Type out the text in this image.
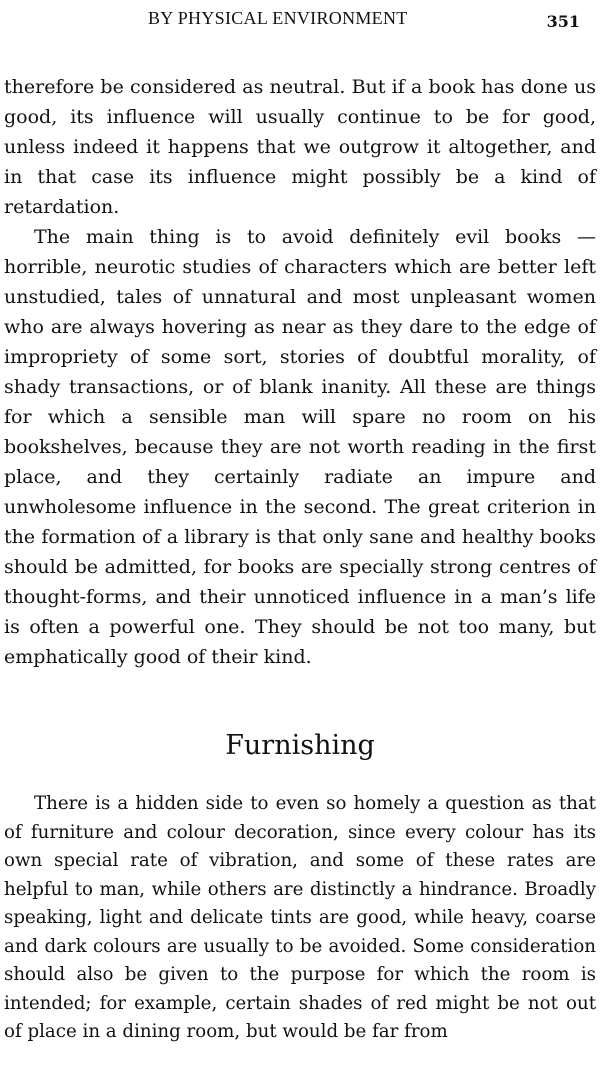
BY PHYSICAL ENVIRONMENT	351

therefore be considered as neutral. But if a book has done us good, its influence will usually continue to be for good, unless indeed it happens that we outgrow it altogether, and in that case its influence might possibly be a kind of retardation.

The main thing is to avoid definitely evil books — horrible, neurotic studies of characters which are better left unstudied, tales of unnatural and most unpleasant women who are always hovering as near as they dare to the edge of impropriety of some sort, stories of doubtful morality, of shady transactions, or of blank inanity. All these are things for which a sensible man will spare no room on his bookshelves, because they are not worth reading in the first place, and they certainly radiate an impure and unwholesome influence in the second. The great criterion in the formation of a library is that only sane and healthy books should be admitted, for books are specially strong centres of thought-forms, and their unnoticed influence in a man’s life is often a powerful one. They should be not too many, but emphatically good of their kind.

Furnishing

There is a hidden side to even so homely a question as that of furniture and colour decoration, since every colour has its own special rate of vibration, and some of these rates are helpful to man, while others are distinctly a hindrance. Broadly speaking, light and delicate tints are good, while heavy, coarse and dark colours are usually to be avoided. Some consideration should also be given to the purpose for which the room is intended; for example, certain shades of red might be not out of place in a dining room, but would be far from
